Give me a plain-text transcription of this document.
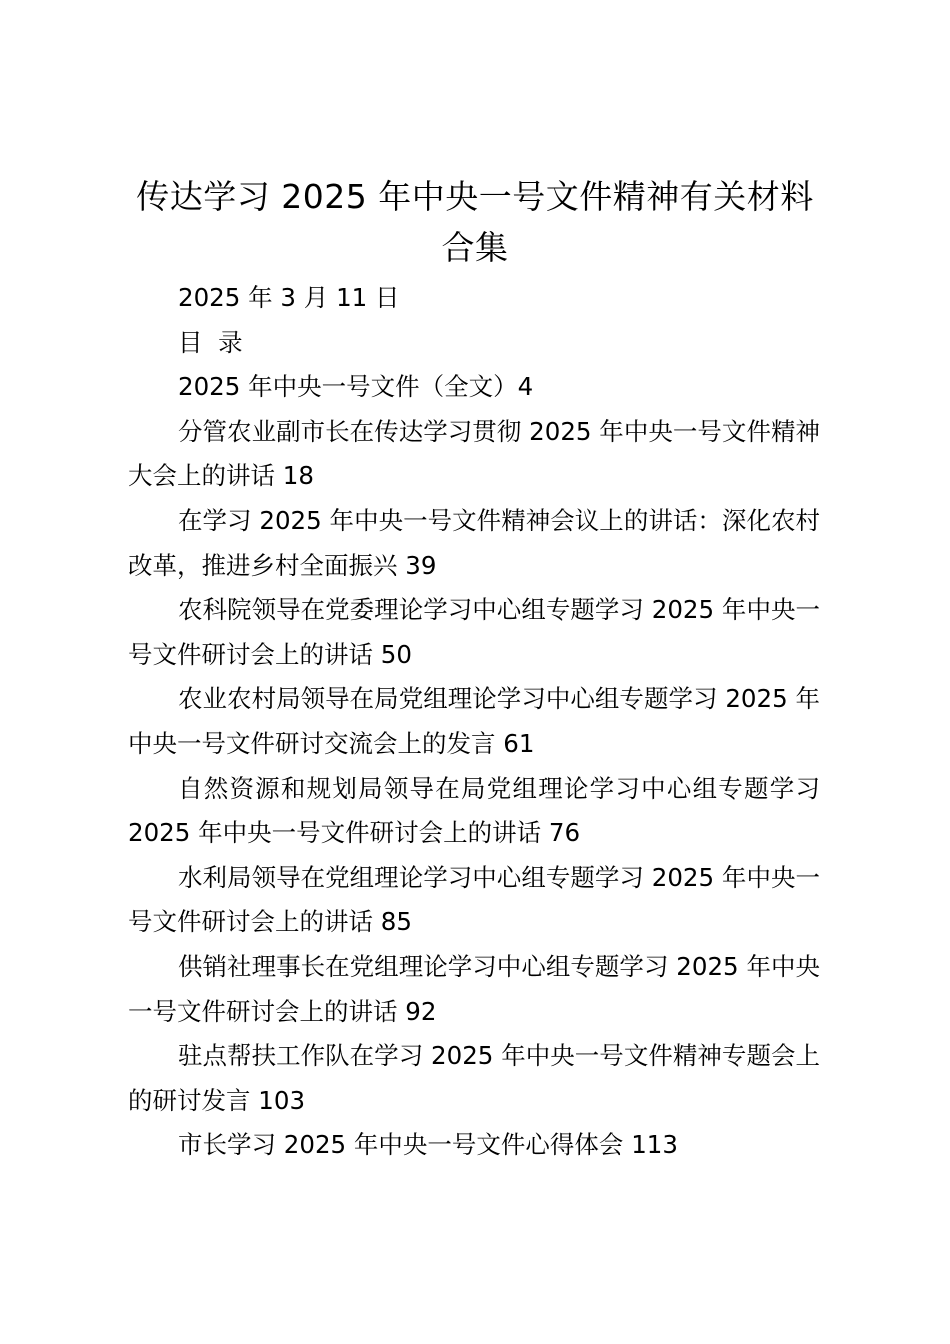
传达学习 2025 年中央一号文件精神有关材料
合集

2025 年 3 月 11 日

目  录

2025 年中央一号文件（全文）4

分管农业副市长在传达学习贯彻 2025 年中央一号文件精神大会上的讲话 18

在学习 2025 年中央一号文件精神会议上的讲话：深化农村改革，推进乡村全面振兴 39

农科院领导在党委理论学习中心组专题学习 2025 年中央一号文件研讨会上的讲话 50

农业农村局领导在局党组理论学习中心组专题学习 2025 年中央一号文件研讨交流会上的发言 61

自然资源和规划局领导在局党组理论学习中心组专题学习 2025 年中央一号文件研讨会上的讲话 76

水利局领导在党组理论学习中心组专题学习 2025 年中央一号文件研讨会上的讲话 85

供销社理事长在党组理论学习中心组专题学习 2025 年中央一号文件研讨会上的讲话 92

驻点帮扶工作队在学习 2025 年中央一号文件精神专题会上的研讨发言 103

市长学习 2025 年中央一号文件心得体会 113
